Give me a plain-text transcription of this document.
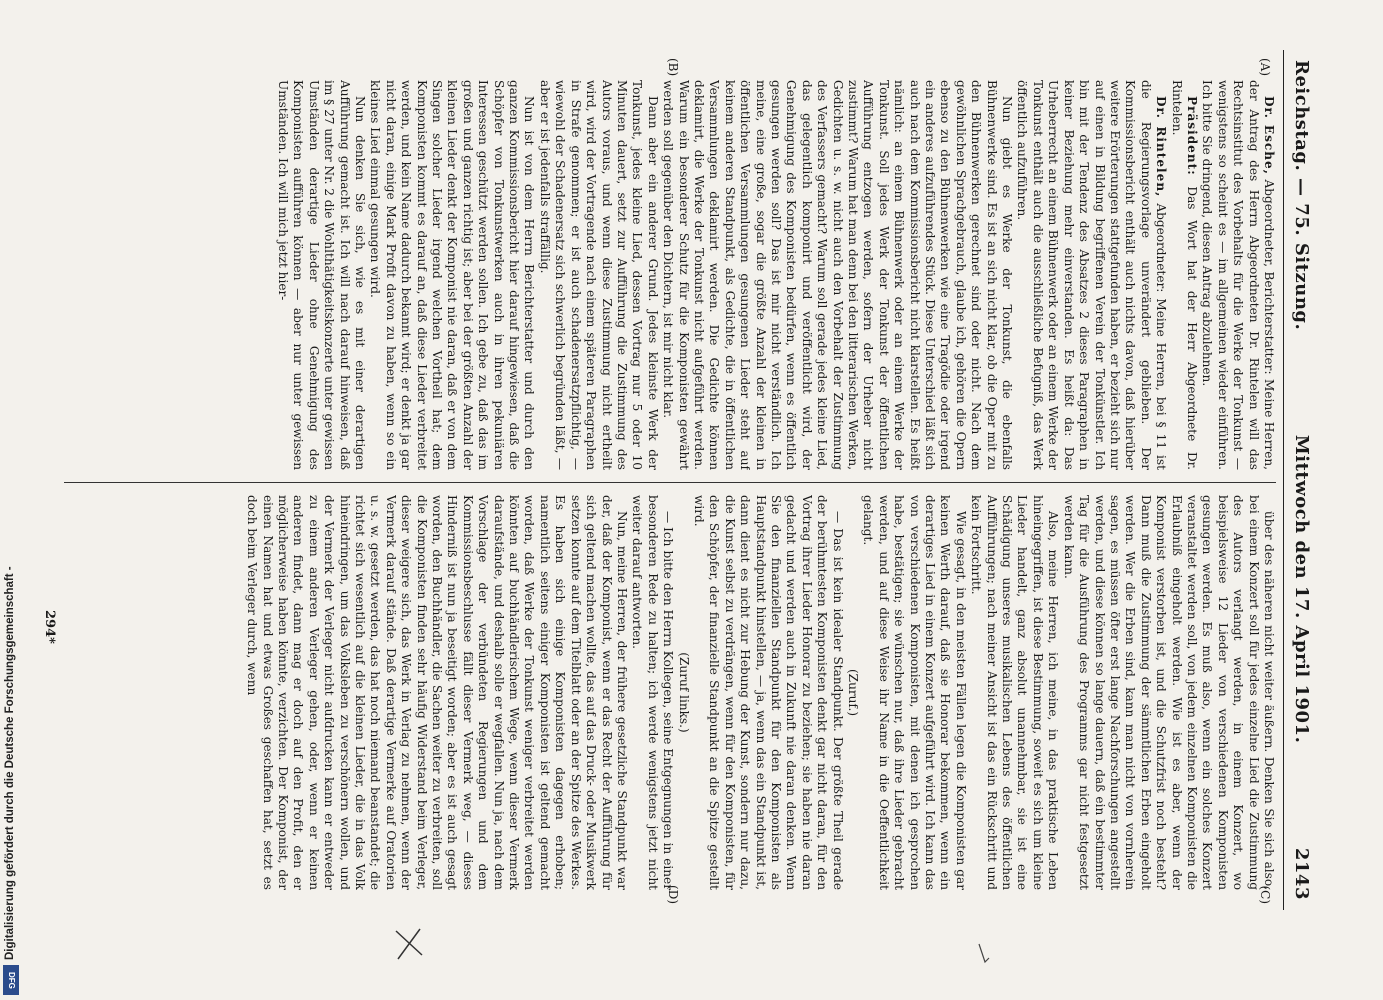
Digitalisierung gefördert durch die Deutsche Forschungsgemeinschaft -
DFG
Reichstag. — 75. Sitzung.
Mittwoch den 17. April 1901.
2143
(A)
(B)
(C)
(D)

Dr. Esche, Abgeordneter, Berichterstatter: Meine Herren, der Antrag des Herrn Abgeordneten Dr. Rintelen will das Rechtsinstitut des Vorbehalts für die Werke der Tonkunst — wenigstens so scheint es — im allgemeinen wieder einführen. Ich bitte Sie dringend, diesen Antrag abzulehnen.

Präsident: Das Wort hat der Herr Abgeordnete Dr. Rintelen.

Dr. Rintelen, Abgeordneter: Meine Herren, bei § 11 ist die Regierungsvorlage unverändert geblieben. Der Kommissionsbericht enthält auch nichts davon, daß hierüber weitere Erörterungen stattgefunden haben, er bezieht sich nur auf einen in Bildung begriffenen Verein der Tonkünstler. Ich bin mit der Tendenz des Absatzes 2 dieses Paragraphen in keiner Beziehung mehr einverstanden. Es heißt da: Das Urheberrecht an einem Bühnenwerk oder an einem Werke der Tonkunst enthält auch die ausschließliche Befugniß, das Werk öffentlich aufzuführen.

Nun giebt es Werke der Tonkunst, die ebenfalls Bühnenwerke sind. Es ist an sich nicht klar, ob die Oper mit zu den Bühnenwerken gerechnet sind oder nicht. Nach dem gewöhnlichen Sprachgebrauch, glaube ich, gehören die Opern ebenso zu den Bühnenwerken wie eine Tragödie oder irgend ein anderes aufzuführendes Stück. Diese Unterschied läßt sich auch nach dem Kommissionsbericht nicht klarstellen. Es heißt nämlich: an einem Bühnenwerk oder an einem Werke der Tonkunst. Soll jedes Werk der Tonkunst der öffentlichen Aufführung entzogen werden, sofern der Urheber nicht zustimmt? Warum hat man denn bei den litterarischen Werken, Gedichten u. s. w. nicht auch den Vorbehalt der Zustimmung des Verfassers gemacht? Warum soll gerade jedes kleine Lied, das gelegentlich komponirt und veröffentlicht wird, der Genehmigung des Komponisten bedürfen, wenn es öffentlich gesungen werden soll? Das ist mir nicht verständlich. Ich meine, eine große, sogar die größte Anzahl der kleinen in öffentlichen Versammlungen gesungenen Lieder steht auf keinem anderen Standpunkt, als Gedichte, die in öffentlichen Versammlungen deklamirt werden. Die Gedichte können deklamirt, die Werke der Tonkunst nicht aufgeführt werden. Warum ein besonderer Schutz für die Komponisten gewährt werden soll gegenüber den Dichtern, ist mir nicht klar.

Dann aber ein anderer Grund. Jedes kleinste Werk der Tonkunst, jedes kleine Lied, dessen Vortrag nur 5 oder 10 Minuten dauert, setzt zur Aufführung die Zustimmung des Autors voraus, und wenn diese Zustimmung nicht ertheilt wird, wird der Vortragende nach einem späteren Paragraphen in Strafe genommen; er ist auch schadenersatzpflichtig, — wiewohl der Schadenersatz sich schwerlich begründen läßt, — aber er ist jedenfalls straffällig.

Nun ist von dem Herrn Berichterstatter und durch den ganzen Kommissionsbericht hier darauf hingewiesen, daß die Schöpfer von Tonkunstwerken auch in ihren pekuniären Interessen geschützt werden sollen. Ich gebe zu, daß das im großen und ganzen richtig ist; aber bei der größten Anzahl der kleinen Lieder denkt der Komponist nie daran, daß er von dem Singen solcher Lieder irgend welchen Vortheil hat; dem Komponisten kommt es darauf an, daß diese Lieder verbreitet werden, und kein Name dadurch bekannt wird; er denkt ja gar nicht daran, einige Mark Profit davon zu haben, wenn so ein kleines Lied einmal gesungen wird.

Nun denken Sie sich, wie es mit einer derartigen Aufführung gemacht ist. Ich will nach darauf hinweisen, daß im § 27 unter Nr. 2 die Wohlthätigkeitskonzerte unter gewissen Umständen derartige Lieder ohne Genehmigung des Komponisten aufführen können — aber nur unter gewissen Umständen. Ich will mich jetzt hier-

über des näheren nicht weiter äußern. Denken Sie sich also, bei einem Konzert soll für jedes einzelne Lied die Zustimmung des Autors verlangt werden, in einem Konzert, wo beispielsweise 12 Lieder von verschiedenen Komponisten gesungen werden. Es muß also, wenn ein solches Konzert veranstaltet werden soll, von jedem einzelnen Komponisten die Erlaubniß eingeholt werden. Wie ist es aber, wenn der Komponist verstorben ist, und die Schutzfrist noch besteht? Dann muß die Zustimmung der sämmtlichen Erben eingeholt werden. Wer die Erben sind, kann man nicht von vornherein sagen, es müssen öfter erst lange Nachforschungen angestellt werden, und diese können so lange dauern, daß ein bestimmter Tag für die Ausführung des Programms gar nicht festgesetzt werden kann.

Also, meine Herren, ich meine, in das praktische Leben hineingegriffen, ist diese Bestimmung, soweit es sich um kleine Lieder handelt, ganz absolut unannehmbar, sie ist eine Schädigung unseres musikalischen Lebens des öffentlichen Aufführungen; nach meiner Ansicht ist das ein Rückschritt und kein Fortschritt.

Wie gesagt, in den meisten Fällen legen die Komponisten gar keinen Werth darauf, daß sie Honorar bekommen, wenn ein derartiges Lied in einem Konzert aufgeführt wird. Ich kann das von verschiedenen Komponisten, mit denen ich gesprochen habe, bestätigen; sie wünschen nur, daß ihre Lieder gebracht werden, und auf diese Weise ihr Name in die Oeffentlichkeit gelangt.

(Zuruf.)

— Das ist kein idealer Standpunkt. Der größte Theil gerade der berühmtesten Komponisten denkt gar nicht daran, für den Vortrag ihrer Lieder Honorar zu beziehen; sie haben nie daran gedacht und werden auch in Zukunft nie daran denken. Wenn Sie den finanziellen Standpunkt für den Komponisten als Hauptstandpunkt hinstellen, — ja, wenn das ein Standpunkt ist, dann dient es nicht zur Hebung der Kunst, sondern nur dazu, die Kunst selbst zu verdrängen, wenn für den Komponisten, für den Schöpfer, der finanzielle Standpunkt an die Spitze gestellt wird.

(Zuruf links.)

— Ich bitte den Herrn Kollegen, seine Entgegnungen in einer besonderen Rede zu halten; ich werde wenigstens jetzt nicht weiter darauf antworten.

Nun, meine Herren, der frühere gesetzliche Standpunkt war der, daß der Komponist, wenn er das Recht der Aufführung für sich geltend machen wollte, das auf das Druck- oder Musikwerk setzen konnte auf dem Titelblatt oder an der Spitze des Werkes. Es haben sich einige Komponisten dagegen erhoben; namentlich seitens einiger Komponisten ist geltend gemacht worden, daß Werke der Tonkunst weniger verbreitet werden könnten auf buchhändlerischem Wege, wenn dieser Vermerk daraufstände, und deshalb solle er wegfallen. Nun ja, nach dem Vorschlage der verbündeten Regierungen und dem Kommissionsbeschlusse fällt dieser Vermerk weg, — dieses Hinderniß ist nun ja beseitigt worden; aber es ist auch gesagt worden, den Buchhändler, die Sachen weiter zu verbreiten, soll die Komponisten finden sehr häufig Widerstand beim Verleger, dieser weigere sich, das Werk in Verlag zu nehmen, wenn der Vermerk darauf stände. Daß derartige Vermerke auf Oratorien u. s. w. gesetzt werden, das hat noch niemand beanstandet; die richtet sich wesentlich auf die kleinen Lieder, die in das Volk hineindringen, um das Volksleben zu verschönern wollen, und der Vermerk der Verleger nicht aufdrucken kann er entweder zu einem anderen Verleger gehen, oder, wenn er keinen anderen findet, dann mag er doch auf den Profit, den er möglicherweise haben könnte, verzichten. Der Komponist, der einen Namen hat und etwas Großes geschaffen hat, setzt es doch beim Verleger durch, wenn

294*
